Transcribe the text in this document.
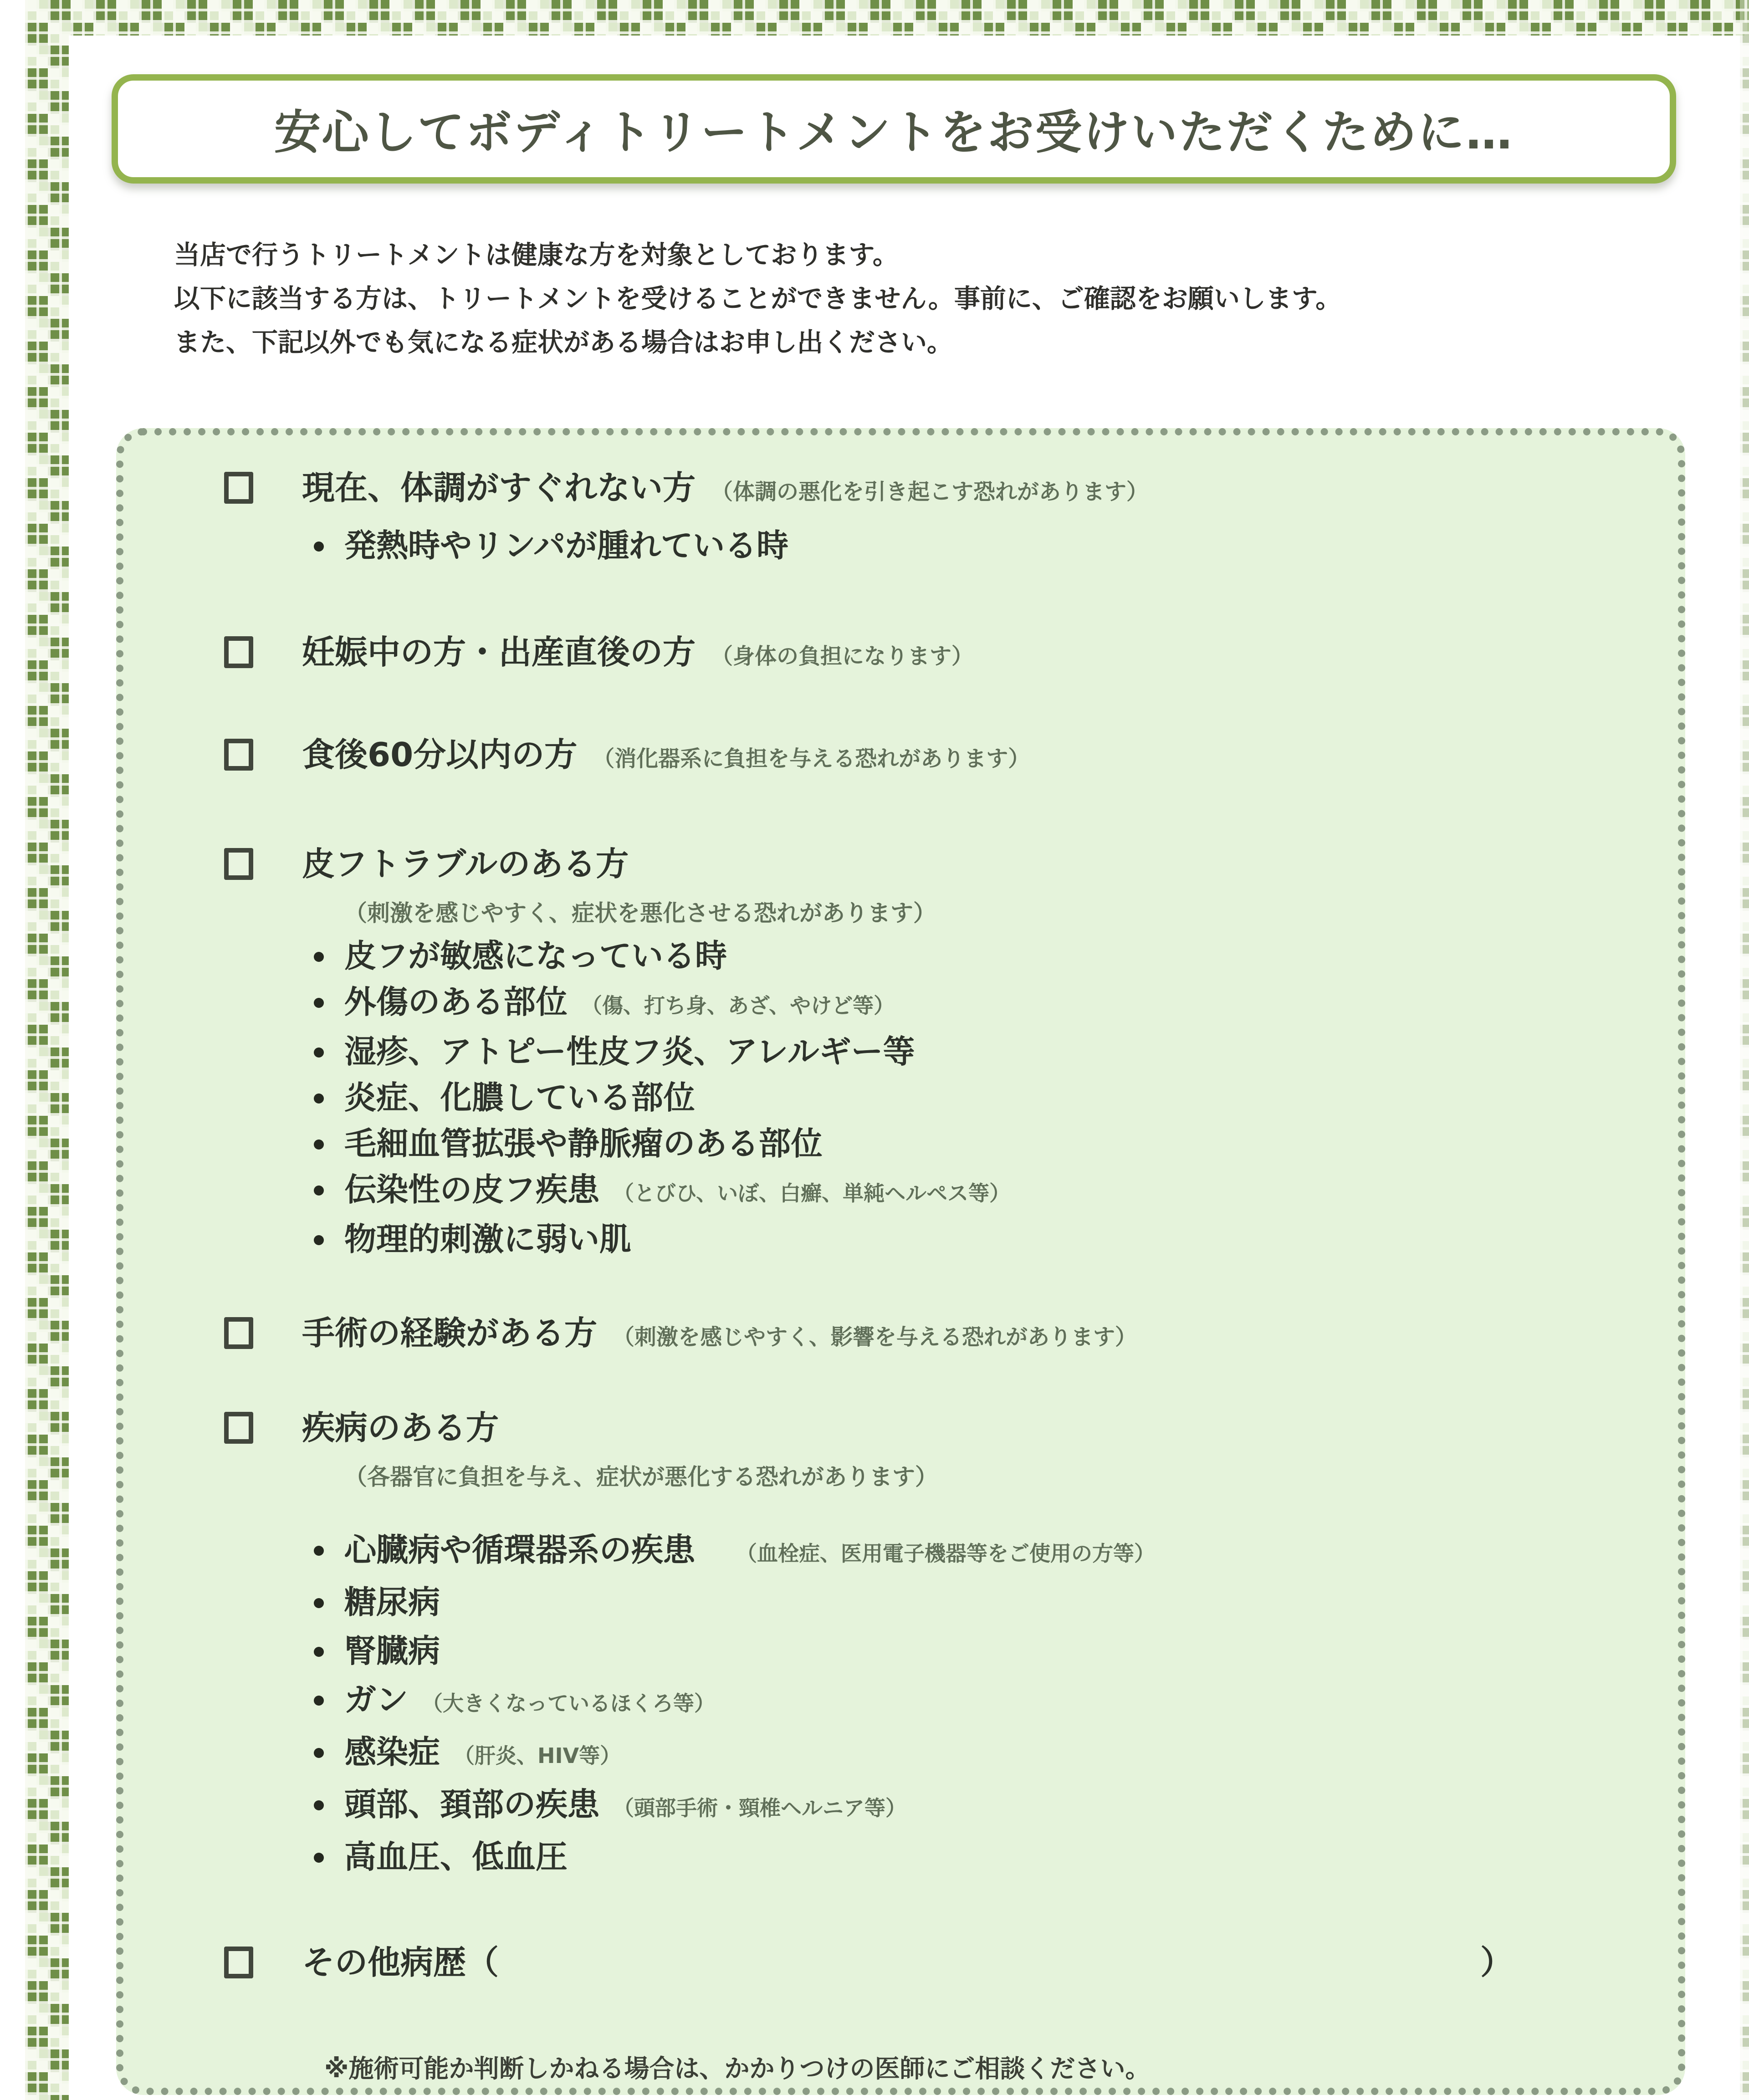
安心してボディトリートメントをお受けいただくために…
当店で行うトリートメントは健康な方を対象としております。
以下に該当する方は、トリートメントを受けることができません。事前に、ご確認をお願いします。
また、下記以外でも気になる症状がある場合はお申し出ください。
現在、体調がすぐれない方 （体調の悪化を引き起こす恐れがあります）
発熱時やリンパが腫れている時
妊娠中の方・出産直後の方 （身体の負担になります）
食後60分以内の方 （消化器系に負担を与える恐れがあります）
皮フトラブルのある方
（刺激を感じやすく、症状を悪化させる恐れがあります）
皮フが敏感になっている時
外傷のある部位 （傷、打ち身、あざ、やけど等）
湿疹、アトピー性皮フ炎、アレルギー等
炎症、化膿している部位
毛細血管拡張や静脈瘤のある部位
伝染性の皮フ疾患 （とびひ、いぼ、白癬、単純ヘルペス等）
物理的刺激に弱い肌
手術の経験がある方 （刺激を感じやすく、影響を与える恐れがあります）
疾病のある方
（各器官に負担を与え、症状が悪化する恐れがあります）
心臓病や循環器系の疾患 （血栓症、医用電子機器等をご使用の方等）
糖尿病
腎臓病
ガン （大きくなっているほくろ等）
感染症 （肝炎、HIV等）
頭部、頚部の疾患 （頭部手術・頸椎ヘルニア等）
高血圧、低血圧
その他病歴（	）
※施術可能か判断しかねる場合は、かかりつけの医師にご相談ください。
